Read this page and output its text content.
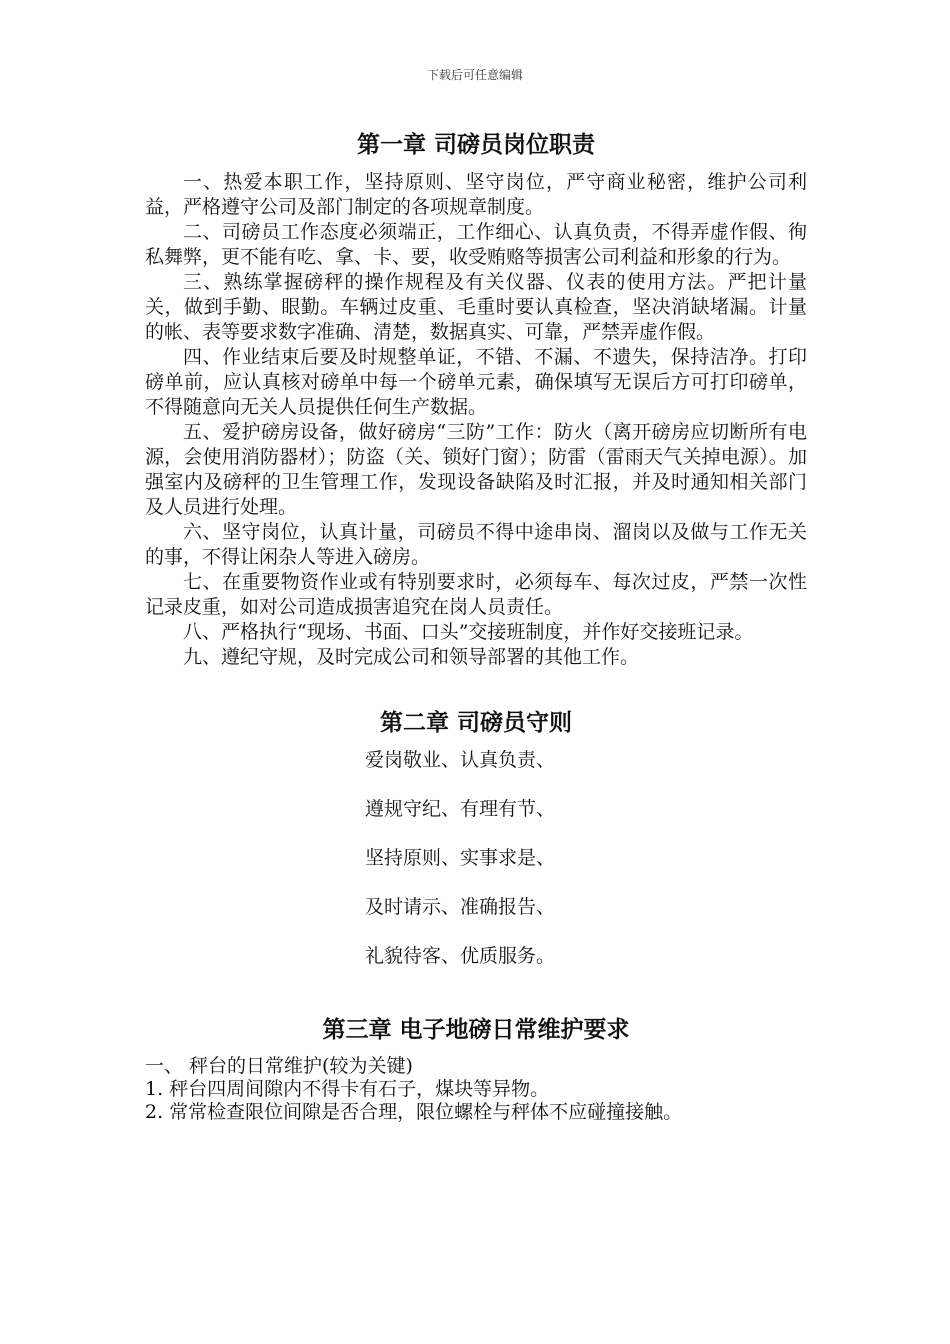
下载后可任意编辑
第一章 司磅员岗位职责

一、热爱本职工作，坚持原则、坚守岗位，严守商业秘密，维护公司利益，严格遵守公司及部门制定的各项规章制度。

二、司磅员工作态度必须端正，工作细心、认真负责，不得弄虚作假、徇私舞弊，更不能有吃、拿、卡、要，收受贿赂等损害公司利益和形象的行为。

三、熟练掌握磅秤的操作规程及有关仪器、仪表的使用方法。严把计量关，做到手勤、眼勤。车辆过皮重、毛重时要认真检查，坚决消缺堵漏。计量的帐、表等要求数字准确、清楚，数据真实、可靠，严禁弄虚作假。

四、作业结束后要及时规整单证，不错、不漏、不遗失，保持洁净。打印磅单前，应认真核对磅单中每一个磅单元素，确保填写无误后方可打印磅单，不得随意向无关人员提供任何生产数据。

五、爱护磅房设备，做好磅房“三防”工作：防火（离开磅房应切断所有电源，会使用消防器材）；防盗（关、锁好门窗）；防雷（雷雨天气关掉电源）。加强室内及磅秤的卫生管理工作，发现设备缺陷及时汇报，并及时通知相关部门及人员进行处理。

六、坚守岗位，认真计量，司磅员不得中途串岗、溜岗以及做与工作无关的事，不得让闲杂人等进入磅房。

七、在重要物资作业或有特别要求时，必须每车、每次过皮，严禁一次性记录皮重，如对公司造成损害追究在岗人员责任。

八、严格执行“现场、书面、口头”交接班制度，并作好交接班记录。

九、遵纪守规，及时完成公司和领导部署的其他工作。

第二章 司磅员守则
爱岗敬业、认真负责、
遵规守纪、有理有节、
坚持原则、实事求是、
及时请示、准确报告、
礼貌待客、优质服务。
第三章 电子地磅日常维护要求

一、 秤台的日常维护(较为关键)

1. 秤台四周间隙内不得卡有石子，煤块等异物。

2. 常常检查限位间隙是否合理，限位螺栓与秤体不应碰撞接触。
